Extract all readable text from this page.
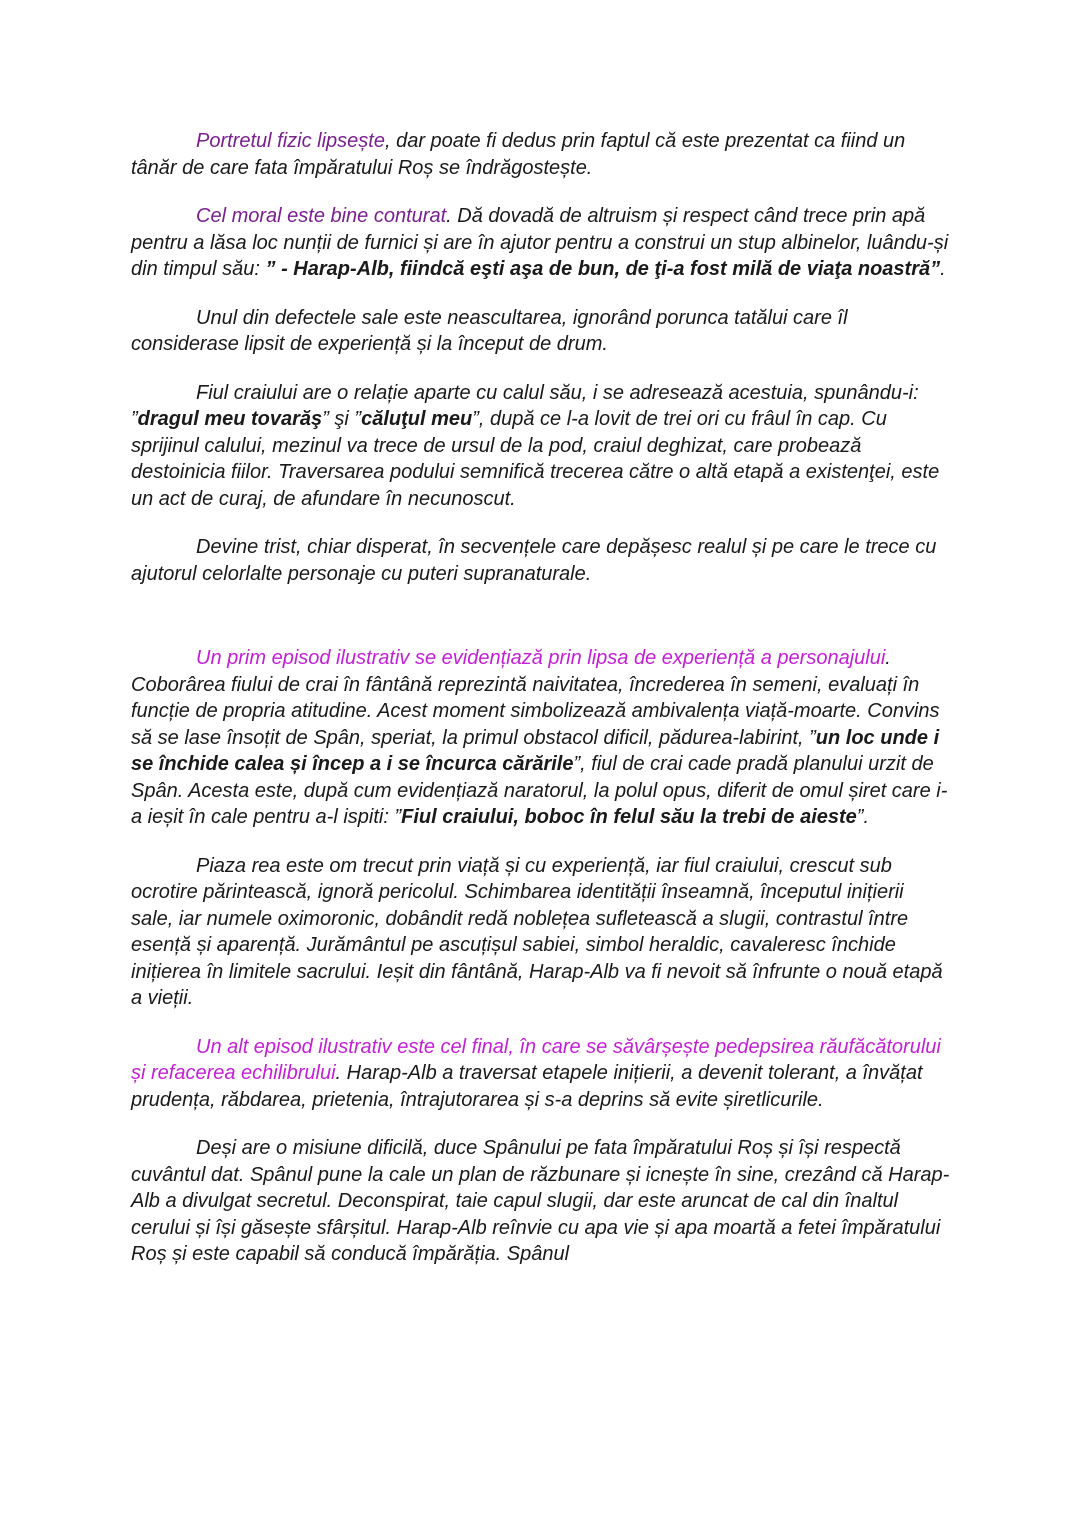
Portretul fizic lipsește, dar poate fi dedus prin faptul că este prezentat ca fiind un tânăr de care fata împăratului Roș se îndrăgostește.

Cel moral este bine conturat. Dă dovadă de altruism și respect când trece prin apă pentru a lăsa loc nunții de furnici și are în ajutor pentru a construi un stup albinelor, luându-și din timpul său: ” - Harap-Alb, fiindcă eşti aşa de bun, de ţi-a fost milă de viaţa noastră”.

Unul din defectele sale este neascultarea, ignorând porunca tatălui care îl considerase lipsit de experiență și la început de drum.

Fiul craiului are o relație aparte cu calul său, i se adresează acestuia, spunându-i: ”dragul meu tovarăş” şi ”căluţul meu”, după ce l-a lovit de trei ori cu frâul în cap. Cu sprijinul calului, mezinul va trece de ursul de la pod, craiul deghizat, care probează destoinicia fiilor. Traversarea podului semnifică trecerea către o altă etapă a existenţei, este un act de curaj, de afundare în necunoscut.

Devine trist, chiar disperat, în secvențele care depășesc realul și pe care le trece cu ajutorul celorlalte personaje cu puteri supranaturale.

Un prim episod ilustrativ se evidențiază prin lipsa de experiență a personajului. Coborârea fiului de crai în fântână reprezintă naivitatea, încrederea în semeni, evaluați în funcție de propria atitudine. Acest moment simbolizează ambivalența viață-moarte. Convins să se lase însoțit de Spân, speriat, la primul obstacol dificil, pădurea-labirint, ”un loc unde i se închide calea și încep a i se încurca cărările”, fiul de crai cade pradă planului urzit de Spân. Acesta este, după cum evidențiază naratorul, la polul opus, diferit de omul șiret care i-a ieșit în cale pentru a-l ispiti: ”Fiul craiului, boboc în felul său la trebi de aieste”.

Piaza rea este om trecut prin viață și cu experiență, iar fiul craiului, crescut sub ocrotire părintească, ignoră pericolul. Schimbarea identității înseamnă, începutul inițierii sale, iar numele oximoronic, dobândit redă noblețea sufletească a slugii, contrastul între esență și aparență. Jurământul pe ascuțișul sabiei, simbol heraldic, cavaleresc închide inițierea în limitele sacrului. Ieșit din fântână, Harap-Alb va fi nevoit să înfrunte o nouă etapă a vieții.

Un alt episod ilustrativ este cel final, în care se săvârșește pedepsirea răufăcătorului și refacerea echilibrului. Harap-Alb a traversat etapele inițierii, a devenit tolerant, a învățat prudența, răbdarea, prietenia, întrajutorarea și s-a deprins să evite șiretlicurile.

Deși are o misiune dificilă, duce Spânului pe fata împăratului Roș și își respectă cuvântul dat. Spânul pune la cale un plan de răzbunare și icnește în sine, crezând că Harap-Alb a divulgat secretul. Deconspirat, taie capul slugii, dar este aruncat de cal din înaltul cerului și își găsește sfârșitul. Harap-Alb reînvie cu apa vie și apa moartă a fetei împăratului Roș și este capabil să conducă împărăția. Spânul
